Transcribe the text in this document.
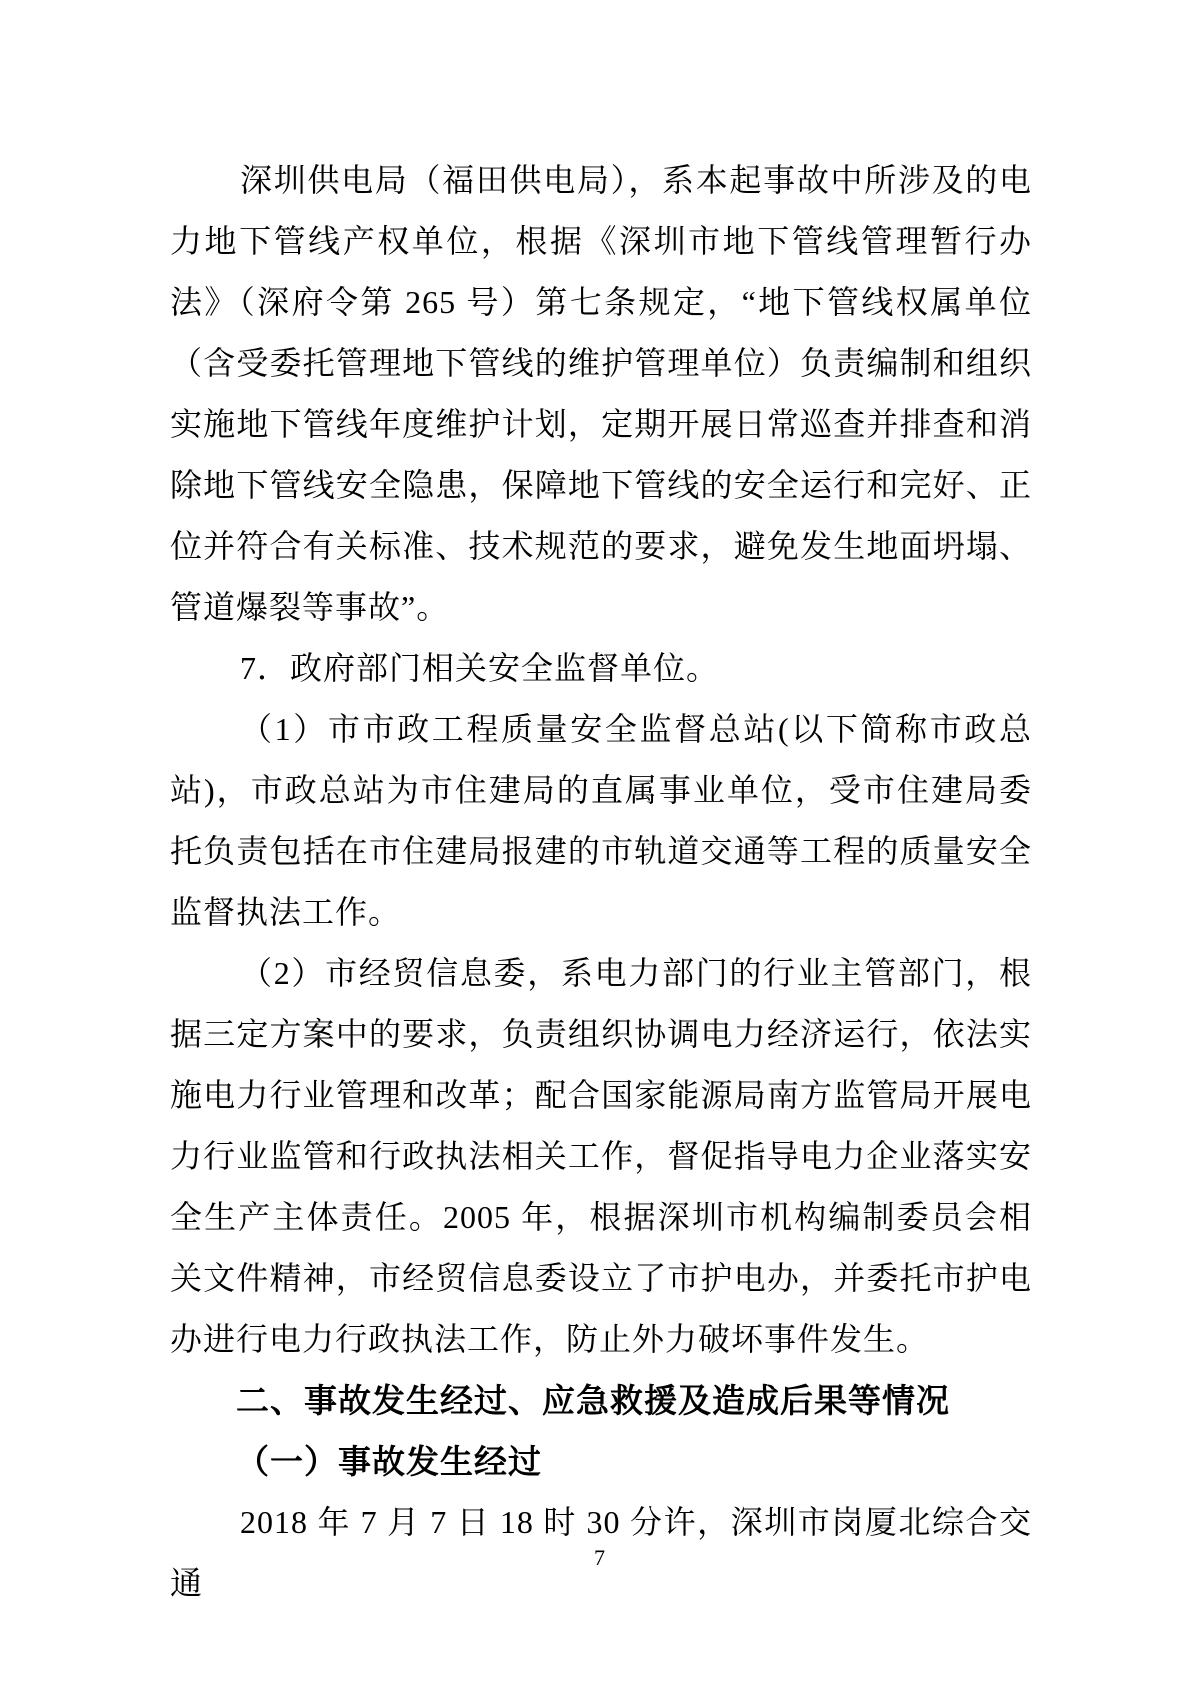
深圳供电局（福田供电局），系本起事故中所涉及的电力地下管线产权单位，根据《深圳市地下管线管理暂行办法》（深府令第 265 号）第七条规定，“地下管线权属单位（含受委托管理地下管线的维护管理单位）负责编制和组织实施地下管线年度维护计划，定期开展日常巡查并排查和消除地下管线安全隐患，保障地下管线的安全运行和完好、正位并符合有关标准、技术规范的要求，避免发生地面坍塌、管道爆裂等事故”。

7．政府部门相关安全监督单位。

（1）市市政工程质量安全监督总站(以下简称市政总站)，市政总站为市住建局的直属事业单位，受市住建局委托负责包括在市住建局报建的市轨道交通等工程的质量安全监督执法工作。

（2）市经贸信息委，系电力部门的行业主管部门，根据三定方案中的要求，负责组织协调电力经济运行，依法实施电力行业管理和改革；配合国家能源局南方监管局开展电力行业监管和行政执法相关工作，督促指导电力企业落实安全生产主体责任。2005 年，根据深圳市机构编制委员会相关文件精神，市经贸信息委设立了市护电办，并委托市护电办进行电力行政执法工作，防止外力破坏事件发生。

二、事故发生经过、应急救援及造成后果等情况

（一）事故发生经过

2018 年 7 月 7 日 18 时 30 分许，深圳市岗厦北综合交通

7
